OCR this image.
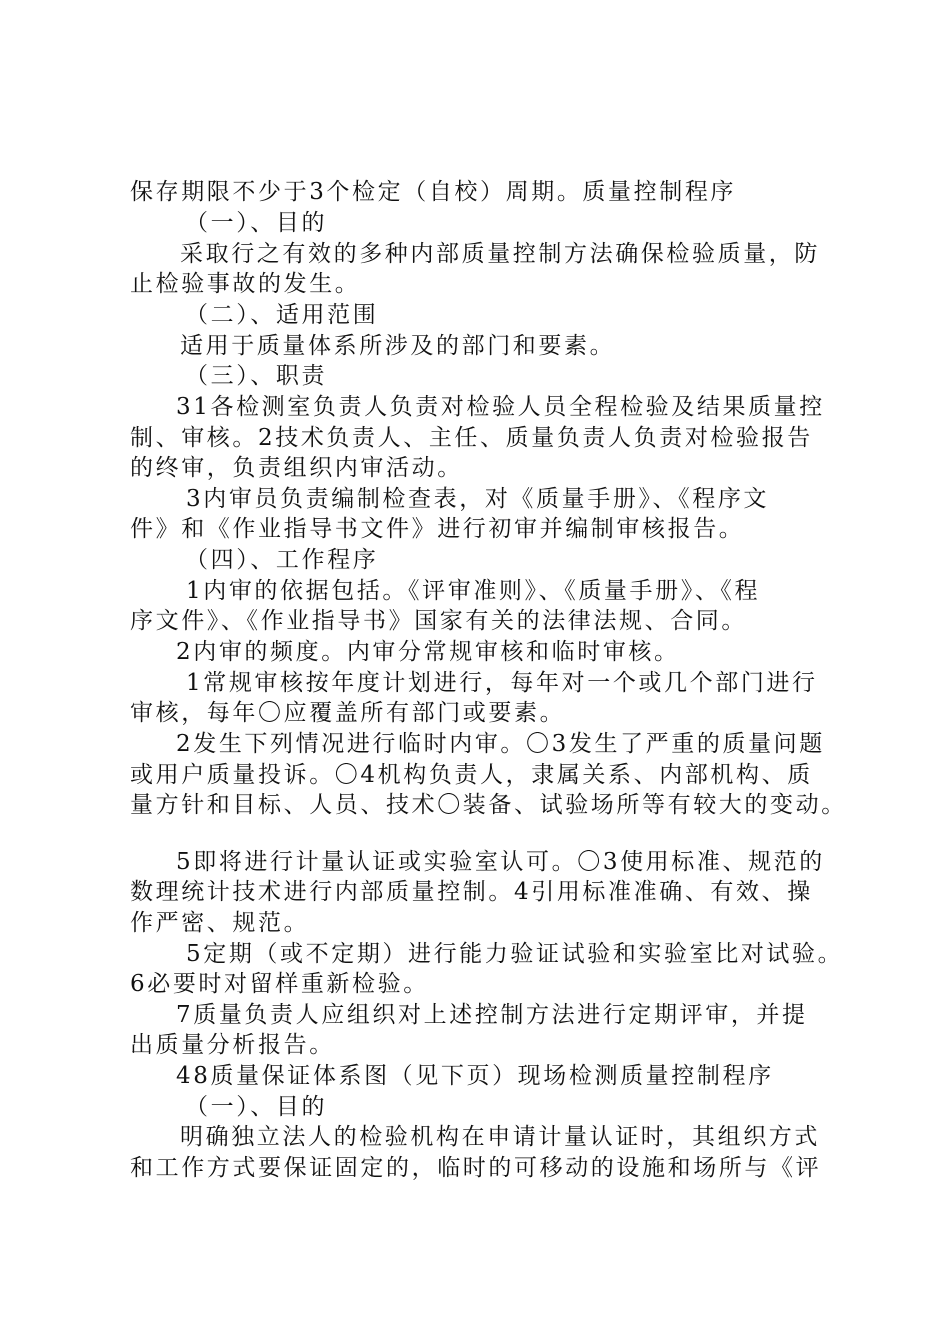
保存期限不少于3个检定（自校）周期。质量控制程序
（一）、目的
采取行之有效的多种内部质量控制方法确保检验质量，防
止检验事故的发生。
（二）、适用范围
适用于质量体系所涉及的部门和要素。
（三）、职责
31各检测室负责人负责对检验人员全程检验及结果质量控
制、审核。2技术负责人、主任、质量负责人负责对检验报告
的终审，负责组织内审活动。
3内审员负责编制检查表，对《质量手册》、《程序文
件》和《作业指导书文件》进行初审并编制审核报告。
（四）、工作程序
1内审的依据包括。《评审准则》、《质量手册》、《程
序文件》、《作业指导书》国家有关的法律法规、合同。
2内审的频度。内审分常规审核和临时审核。
1常规审核按年度计划进行，每年对一个或几个部门进行
审核，每年〇应覆盖所有部门或要素。
2发生下列情况进行临时内审。〇3发生了严重的质量问题
或用户质量投诉。〇4机构负责人，隶属关系、内部机构、质
量方针和目标、人员、技术〇装备、试验场所等有较大的变动。
5即将进行计量认证或实验室认可。〇3使用标准、规范的
数理统计技术进行内部质量控制。4引用标准准确、有效、操
作严密、规范。
5定期（或不定期）进行能力验证试验和实验室比对试验。
6必要时对留样重新检验。
7质量负责人应组织对上述控制方法进行定期评审，并提
出质量分析报告。
48质量保证体系图（见下页）现场检测质量控制程序
（一）、目的
明确独立法人的检验机构在申请计量认证时，其组织方式
和工作方式要保证固定的，临时的可移动的设施和场所与《评
